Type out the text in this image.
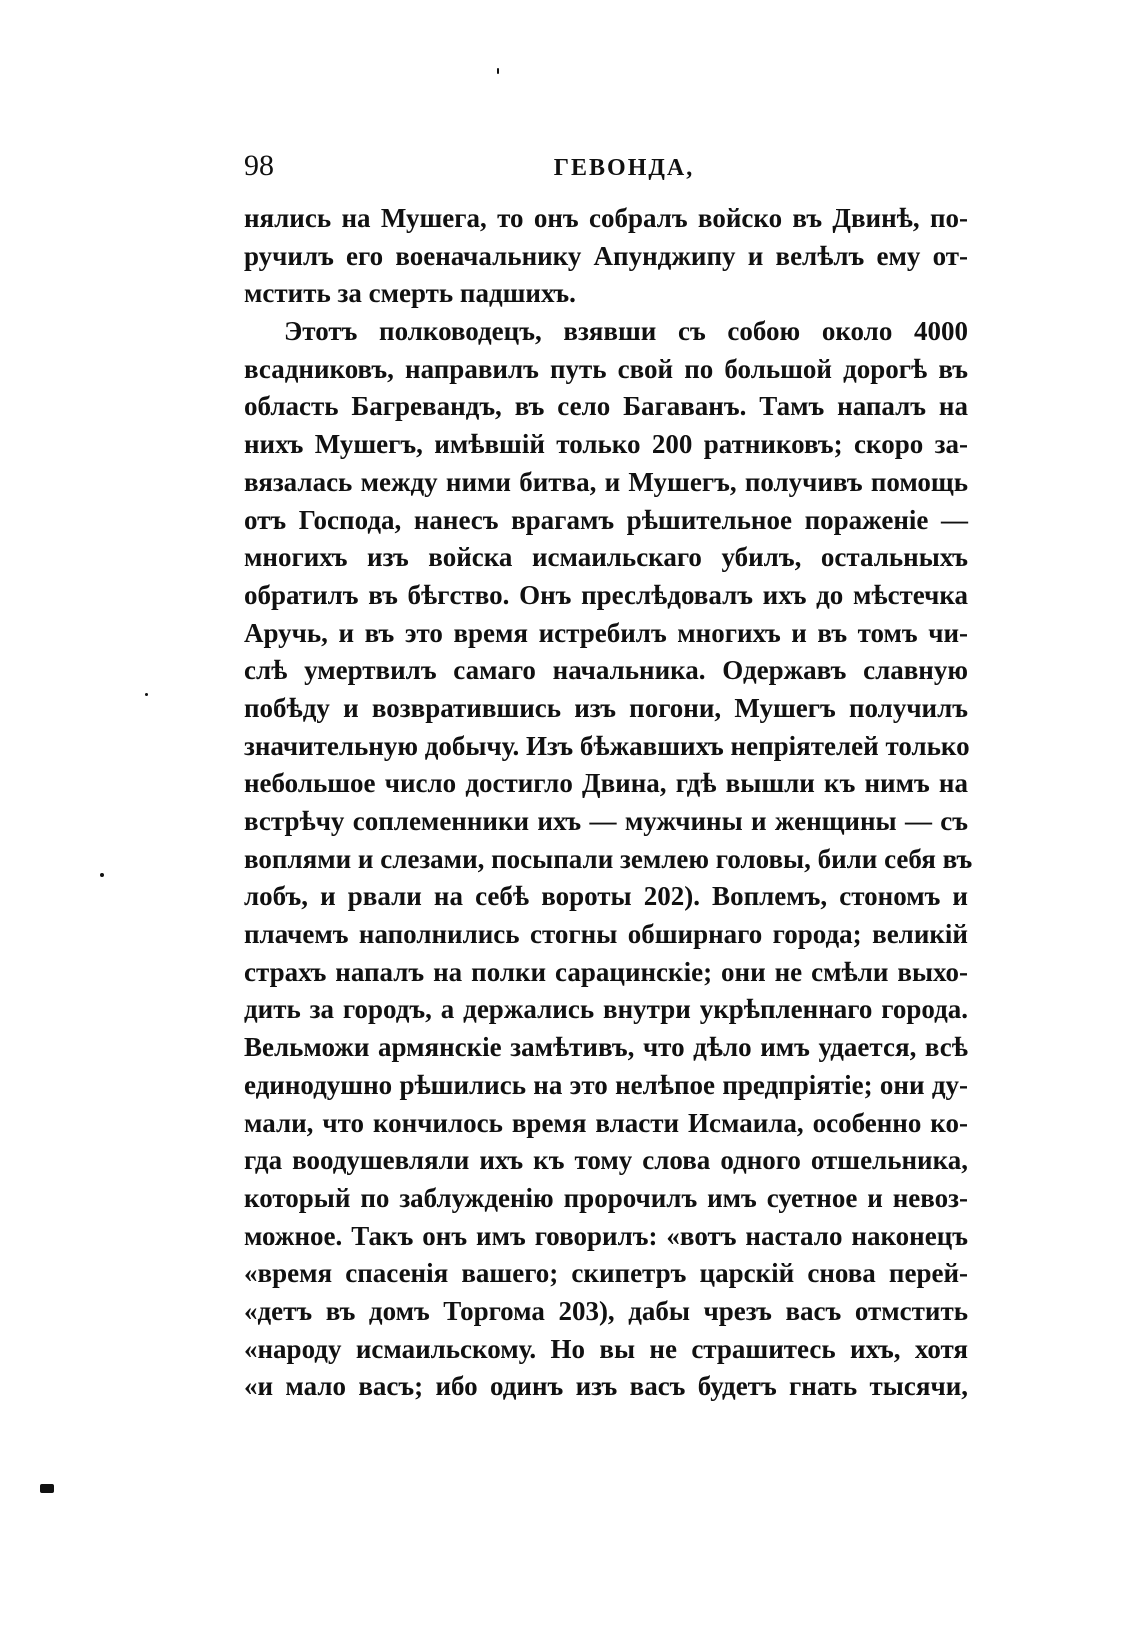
98	ГЕВОНДА,
нялись на Мушега, то онъ собралъ войско въ Двинѣ, по-
ручилъ его военачальнику Апунджипу и велѣлъ ему от-
мстить за смерть падшихъ.
Этотъ полководецъ, взявши съ собою около 4000
всадниковъ, направилъ путь свой по большой дорогѣ въ
область Багревандъ, въ село Багаванъ. Тамъ напалъ на
нихъ Мушегъ, имѣвшій только 200 ратниковъ; скоро за-
вязалась между ними битва, и Мушегъ, получивъ помощь
отъ Господа, нанесъ врагамъ рѣшительное пораженіе —
многихъ изъ войска исмаильскаго убилъ, остальныхъ
обратилъ въ бѣгство. Онъ преслѣдовалъ ихъ до мѣстечка
Аручь, и въ это время истребилъ многихъ и въ томъ чи-
слѣ умертвилъ самаго начальника. Одержавъ славную
побѣду и возвратившись изъ погони, Мушегъ получилъ
значительную добычу. Изъ бѣжавшихъ непріятелей только
небольшое число достигло Двина, гдѣ вышли къ нимъ на
встрѣчу соплеменники ихъ — мужчины и женщины — съ
воплями и слезами, посыпали землею головы, били себя въ
лобъ, и рвали на себѣ вороты 202). Воплемъ, стономъ и
плачемъ наполнились стогны обширнаго города; великій
страхъ напалъ на полки сарацинскіе; они не смѣли выхо-
дить за городъ, а держались внутри укрѣпленнаго города.
Вельможи армянскіе замѣтивъ, что дѣло имъ удается, всѣ
единодушно рѣшились на это нелѣпое предпріятіе; они ду-
мали, что кончилось время власти Исмаила, особенно ко-
гда воодушевляли ихъ къ тому слова одного отшельника,
который по заблужденію пророчилъ имъ суетное и невоз-
можное. Такъ онъ имъ говорилъ: «вотъ настало наконецъ
«время спасенія вашего; скипетръ царскій снова перей-
«детъ въ домъ Торгома 203), дабы чрезъ васъ отмстить
«народу исмаильскому. Но вы не страшитесь ихъ, хотя
«и мало васъ; ибо одинъ изъ васъ будетъ гнать тысячи,
